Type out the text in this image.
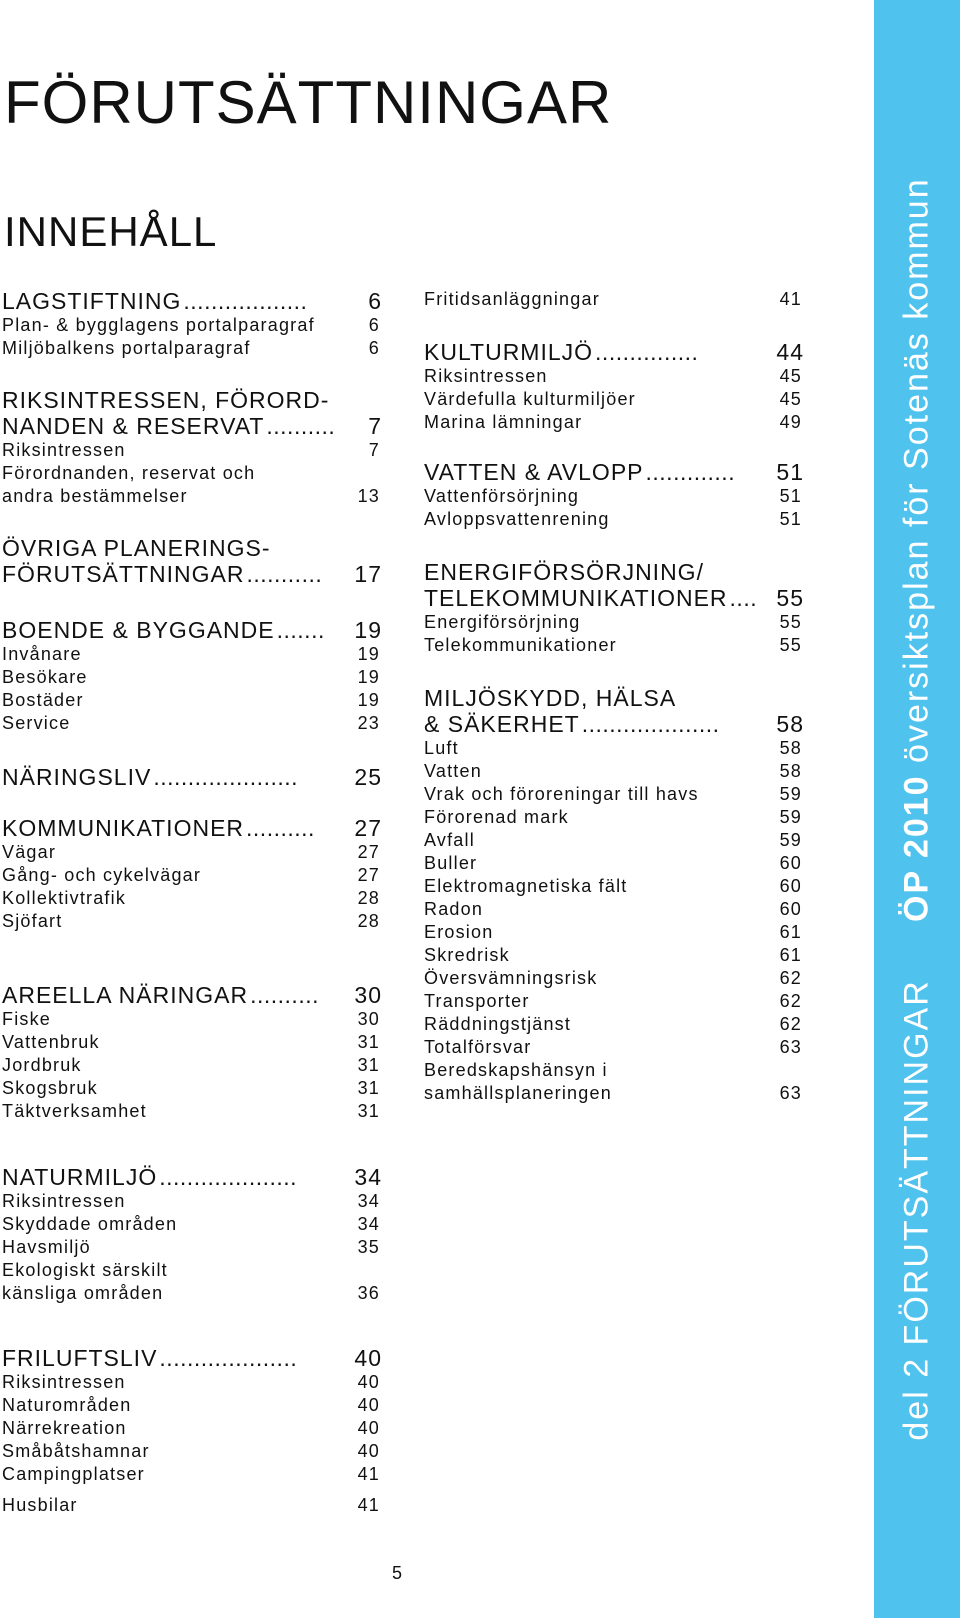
FÖRUTSÄTTNINGAR
INNEHÅLL
LAGSTIFTNING ..................	6
Plan- & bygglagens portalparagraf	6
Miljöbalkens portalparagraf	6
RIKSINTRESSEN, FÖRORD-
NANDEN & RESERVAT ..........	7
Riksintressen	7
Förordnanden, reservat och
andra bestämmelser	13
ÖVRIGA PLANERINGS-
FÖRUTSÄTTNINGAR ...........	17
BOENDE & BYGGANDE .......	19
Invånare	19
Besökare	19
Bostäder	19
Service	23
NÄRINGSLIV .....................	25
KOMMUNIKATIONER ..........	27
Vägar	27
Gång- och cykelvägar	27
Kollektivtrafik	28
Sjöfart	28
AREELLA NÄRINGAR ..........	30
Fiske	30
Vattenbruk	31
Jordbruk	31
Skogsbruk	31
Täktverksamhet	31
NATURMILJÖ ....................	34
Riksintressen	34
Skyddade områden	34
Havsmiljö	35
Ekologiskt särskilt
känsliga områden	36
FRILUFTSLIV ....................	40
Riksintressen	40
Naturområden	40
Närrekreation	40
Småbåtshamnar	40
Campingplatser	41
Husbilar	41
Fritidsanläggningar	41
KULTURMILJÖ ...............	44
Riksintressen	45
Värdefulla kulturmiljöer	45
Marina lämningar	49
VATTEN & AVLOPP .............	51
Vattenförsörjning	51
Avloppsvattenrening	51
ENERGIFÖRSÖRJNING/
TELEKOMMUNIKATIONER .... 55
Energiförsörjning	55
Telekommunikationer	55
MILJÖSKYDD, HÄLSA
& SÄKERHET ....................	58
Luft	58
Vatten	58
Vrak och föroreningar till havs	59
Förorenad mark	59
Avfall	59
Buller	60
Elektromagnetiska fält	60
Radon	60
Erosion	61
Skredrisk	61
Översvämningsrisk	62
Transporter	62
Räddningstjänst	62
Totalförsvar	63
Beredskapshänsyn i
samhällsplaneringen	63	del 2 FÖRUTSÄTTNINGAR     ÖP 2010 översiktsplan för Sotenäs kommun
5
